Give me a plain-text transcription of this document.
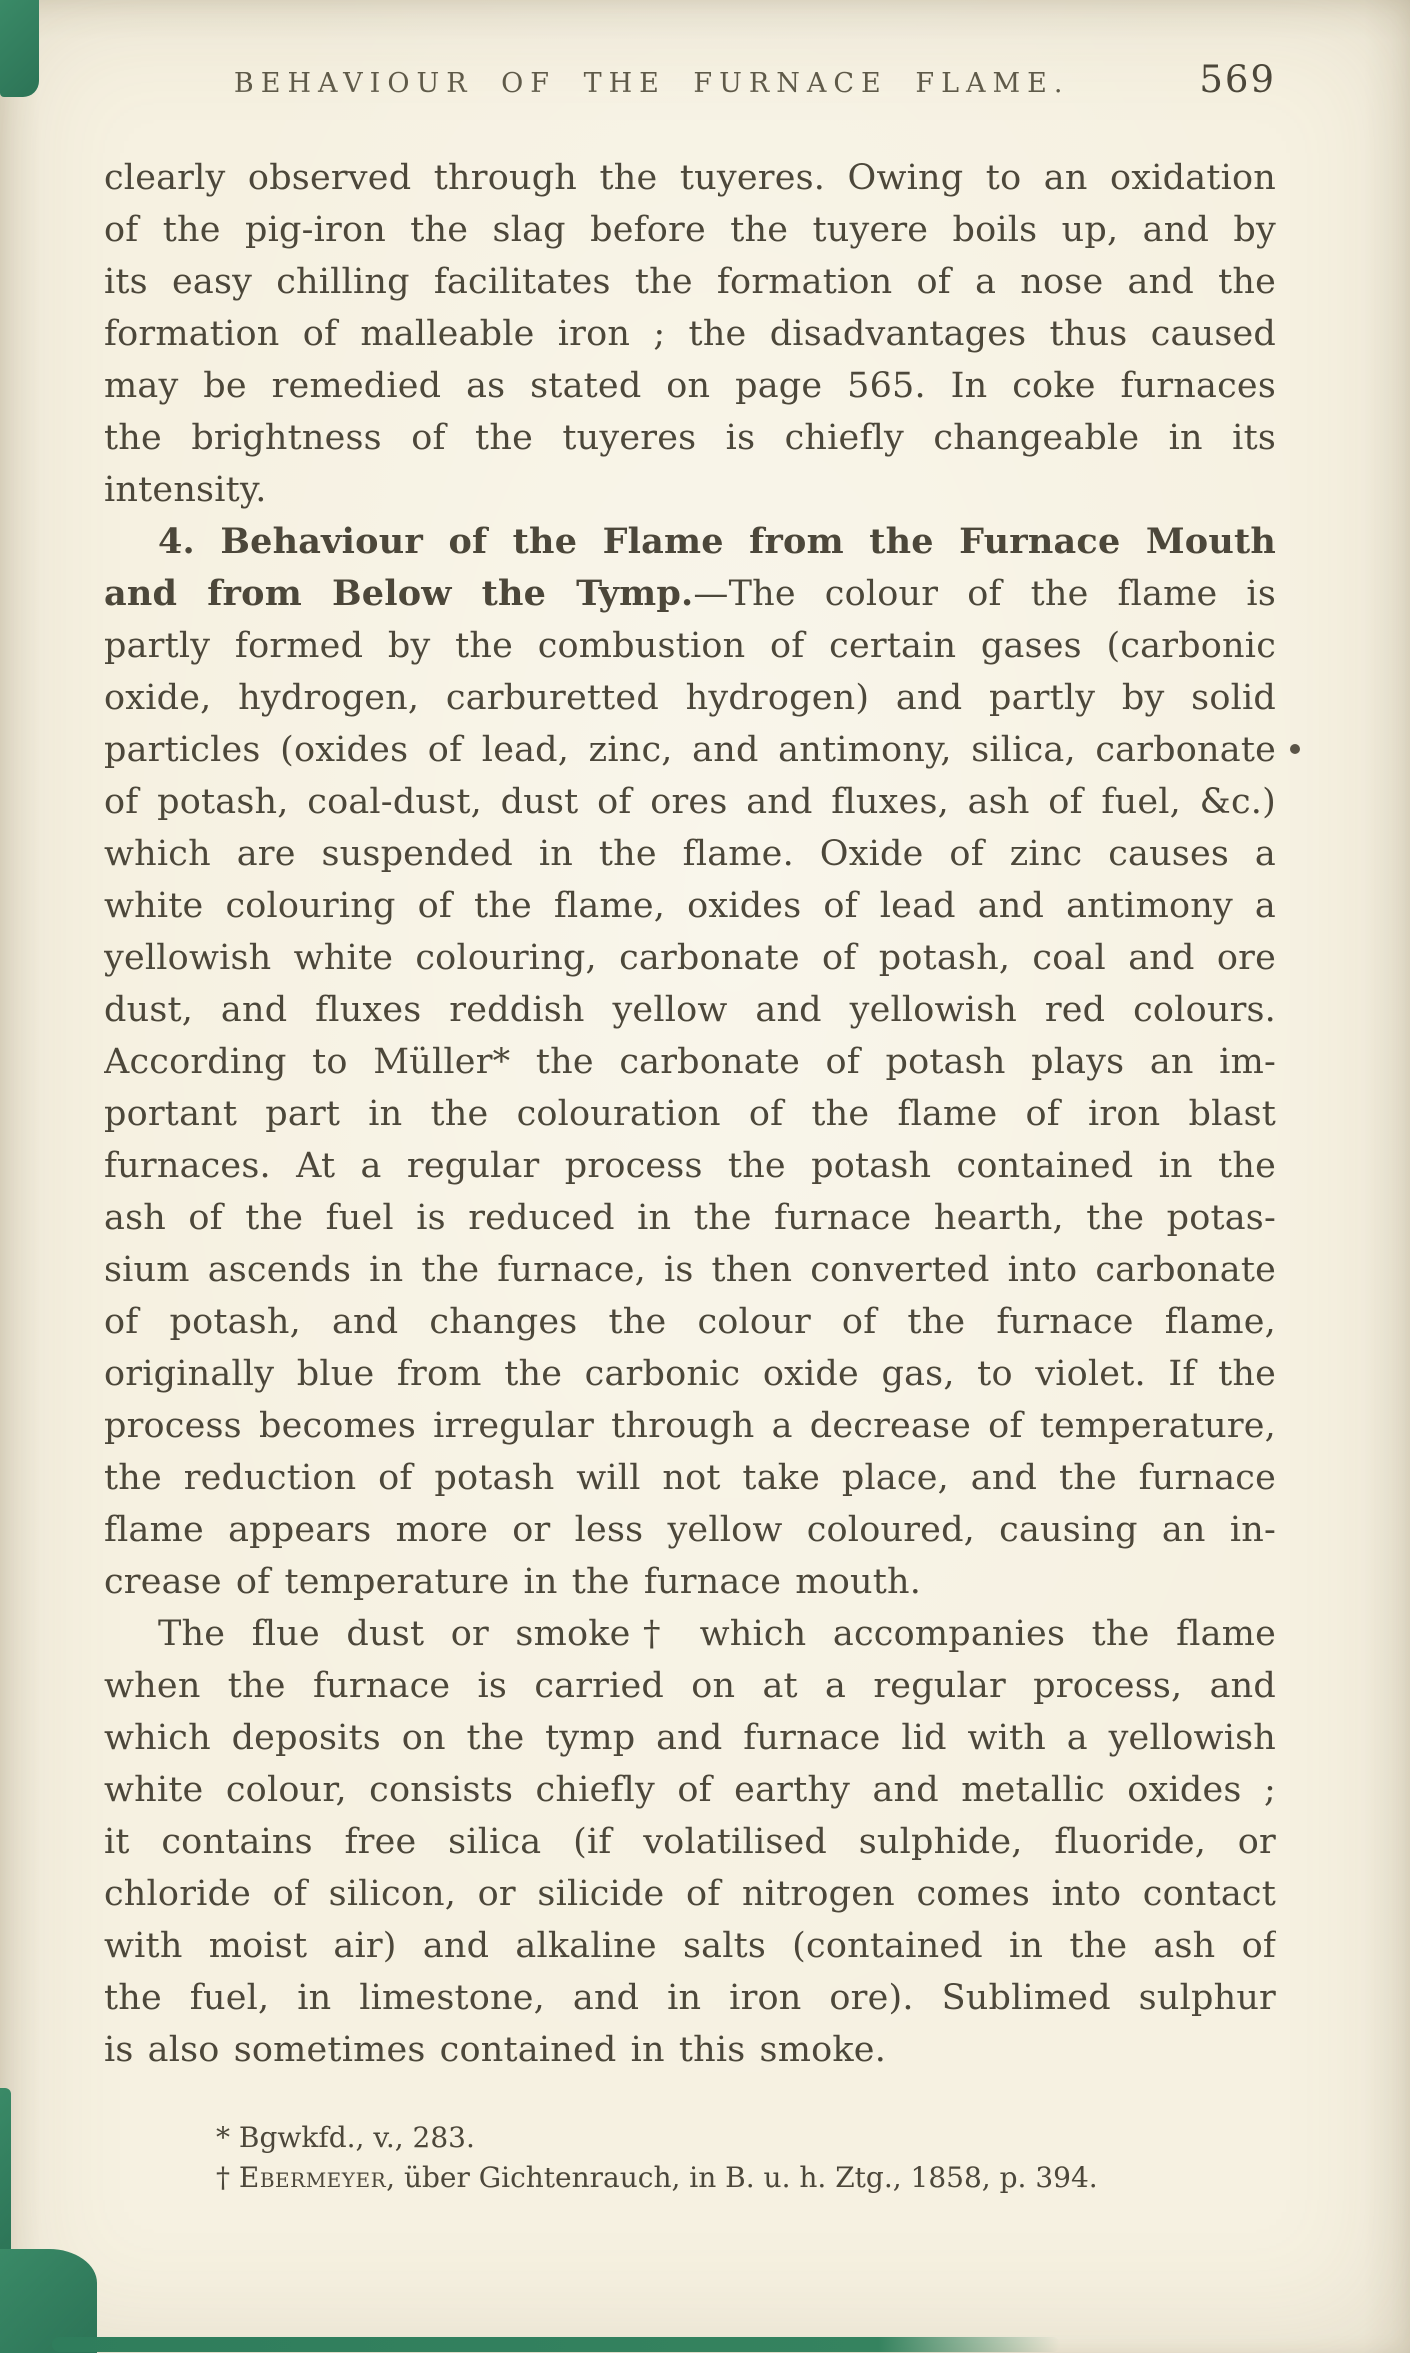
BEHAVIOUR OF THE FURNACE FLAME.	569
clearly observed through the tuyeres. Owing to an oxidation
of the pig-iron the slag before the tuyere boils up, and by
its easy chilling facilitates the formation of a nose and the
formation of malleable iron ; the disadvantages thus caused
may be remedied as stated on page 565. In coke furnaces
the brightness of the tuyeres is chiefly changeable in its
intensity.
4. Behaviour of the Flame from the Furnace Mouth
and from Below the Tymp.—The colour of the flame is
partly formed by the combustion of certain gases (carbonic
oxide, hydrogen, carburetted hydrogen) and partly by solid
particles (oxides of lead, zinc, and antimony, silica, carbonate
of potash, coal-dust, dust of ores and fluxes, ash of fuel, &c.)
which are suspended in the flame. Oxide of zinc causes a
white colouring of the flame, oxides of lead and antimony a
yellowish white colouring, carbonate of potash, coal and ore
dust, and fluxes reddish yellow and yellowish red colours.
According to Müller* the carbonate of potash plays an im-
portant part in the colouration of the flame of iron blast
furnaces. At a regular process the potash contained in the
ash of the fuel is reduced in the furnace hearth, the potas-
sium ascends in the furnace, is then converted into carbonate
of potash, and changes the colour of the furnace flame,
originally blue from the carbonic oxide gas, to violet. If the
process becomes irregular through a decrease of temperature,
the reduction of potash will not take place, and the furnace
flame appears more or less yellow coloured, causing an in-
crease of temperature in the furnace mouth.
The flue dust or smoke† which accompanies the flame
when the furnace is carried on at a regular process, and
which deposits on the tymp and furnace lid with a yellowish
white colour, consists chiefly of earthy and metallic oxides ;
it contains free silica (if volatilised sulphide, fluoride, or
chloride of silicon, or silicide of nitrogen comes into contact
with moist air) and alkaline salts (contained in the ash of
the fuel, in limestone, and in iron ore). Sublimed sulphur
is also sometimes contained in this smoke.
* Bgwkfd., v., 283.
† Ebermeyer, über Gichtenrauch, in B. u. h. Ztg., 1858, p. 394.
